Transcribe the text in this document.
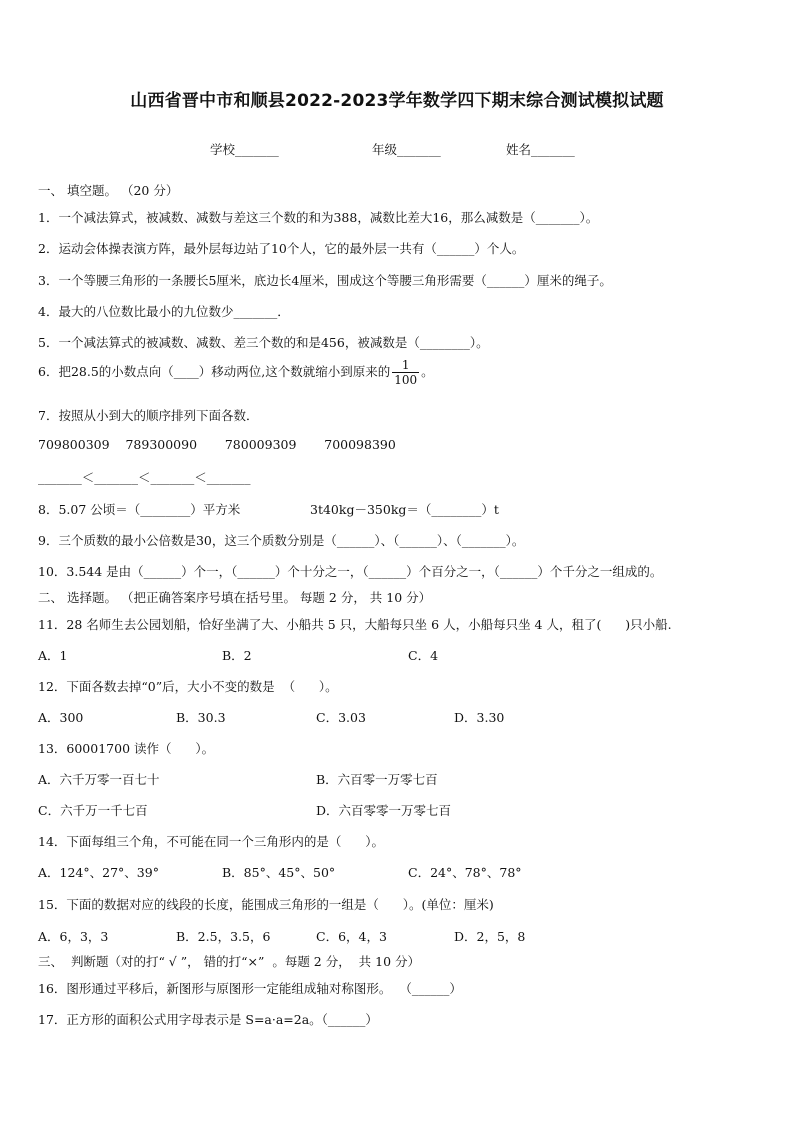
山西省晋中市和顺县2022-2023学年数学四下期末综合测试模拟试题
学校_______	年级_______	姓名_______
一、 填空题。 （20 分）
1．一个减法算式，被减数、减数与差这三个数的和为388，减数比差大16，那么减数是（_______）。
2．运动会体操表演方阵，最外层每边站了10个人，它的最外层一共有（______）个人。
3．一个等腰三角形的一条腰长5厘米，底边长4厘米，围成这个等腰三角形需要（______）厘米的绳子。
4．最大的八位数比最小的九位数少_______．
5．一个减法算式的被减数、减数、差三个数的和是456，被减数是（________）。
6．把28.5的小数点向（____）移动两位,这个数就缩小到原来的 $\frac{1}{100}$ 。
7．按照从小到大的顺序排列下面各数．
709800309    789300090       780009309       700098390
_______＜_______＜_______＜_______
8．5.07 公顷＝（________）平方米	3t40kg－350kg＝（________）t
9．三个质数的最小公倍数是30，这三个质数分别是（______）、（______）、（_______）。
10．3.544 是由（______）个一，（______）个十分之一，（______）个百分之一，（______）个千分之一组成的。
二、 选择题。 （把正确答案序号填在括号里。 每题 2 分， 共 10 分）
11．28 名师生去公园划船，恰好坐满了大、小船共 5 只，大船每只坐 6 人，小船每只坐 4 人，租了(      )只小船.
A．1	B．2	C．4
12．下面各数去掉“0”后，大小不变的数是  （      ）。
A．300	B．30.3	C．3.03	D．3.30
13．60001700 读作（      ）。
A．六千万零一百七十	B．六百零一万零七百
C．六千万一千七百	D．六百零零一万零七百
14．下面每组三个角，不可能在同一个三角形内的是（      ）。
A．124°、27°、39°	B．85°、45°、50°	C．24°、78°、78°
15．下面的数据对应的线段的长度，能围成三角形的一组是（      ）。(单位：厘米)
A．6，3，3	B．2.5，3.5，6	C．6，4，3	D．2，5，8
三、  判断题（对的打“ √ ”， 错的打“×”  。每题 2 分，  共 10 分）
16．图形通过平移后，新图形与原图形一定能组成轴对称图形。  （______）
17．正方形的面积公式用字母表示是 S=a·a=2a。（______）
